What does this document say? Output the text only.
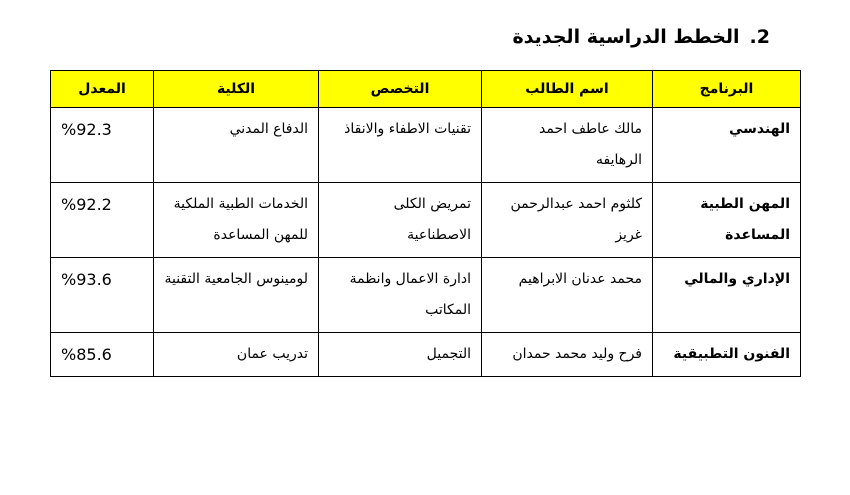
2.الخطط الدراسية الجديدة
البرنامج	اسم الطالب	التخصص	الكلية	المعدل
الهندسي	مالك عاطف احمد الرهايفه	تقنيات الاطفاء والانقاذ	الدفاع المدني	%92.3
المهن الطبية المساعدة	كلثوم احمد عبدالرحمن غريز	تمريض الكلى الاصطناعية	الخدمات الطبية الملكية للمهن المساعدة	%92.2
الإداري والمالي	محمد عدنان الابراهيم	ادارة الاعمال وانظمة المكاتب	لومينوس الجامعية التقنية	%93.6
الفنون التطبيقية	فرح وليد محمد حمدان	التجميل	تدريب عمان	%85.6
